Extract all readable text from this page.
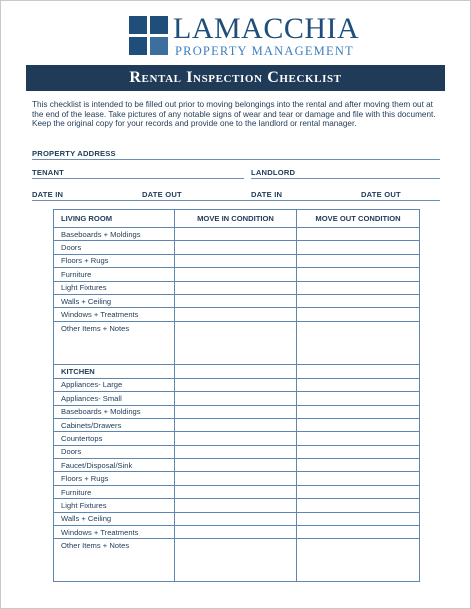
LAMACCHIA
PROPERTY MANAGEMENT
Rental Inspection Checklist
This checklist is intended to be filled out prior to moving belongings into the rental and after moving them out at the end of the lease. Take pictures of any notable signs of wear and tear or damage and file with this document. Keep the original copy for your records and provide one to the landlord or rental manager.
PROPERTY ADDRESS
TENANT	LANDLORD
DATE IN	DATE OUT	DATE IN	DATE OUT
LIVING ROOM	MOVE IN CONDITION	MOVE OUT CONDITION
Baseboards + Moldings		
Doors		
Floors + Rugs		
Furniture		
Light Fixtures		
Walls + Ceiling		
Windows + Treatments		
Other Items + Notes		
KITCHEN		
Appliances- Large		
Appliances- Small		
Baseboards + Moldings		
Cabinets/Drawers		
Countertops		
Doors		
Faucet/Disposal/Sink		
Floors + Rugs		
Furniture		
Light Fixtures		
Walls + Ceiling		
Windows + Treatments		
Other Items + Notes		
